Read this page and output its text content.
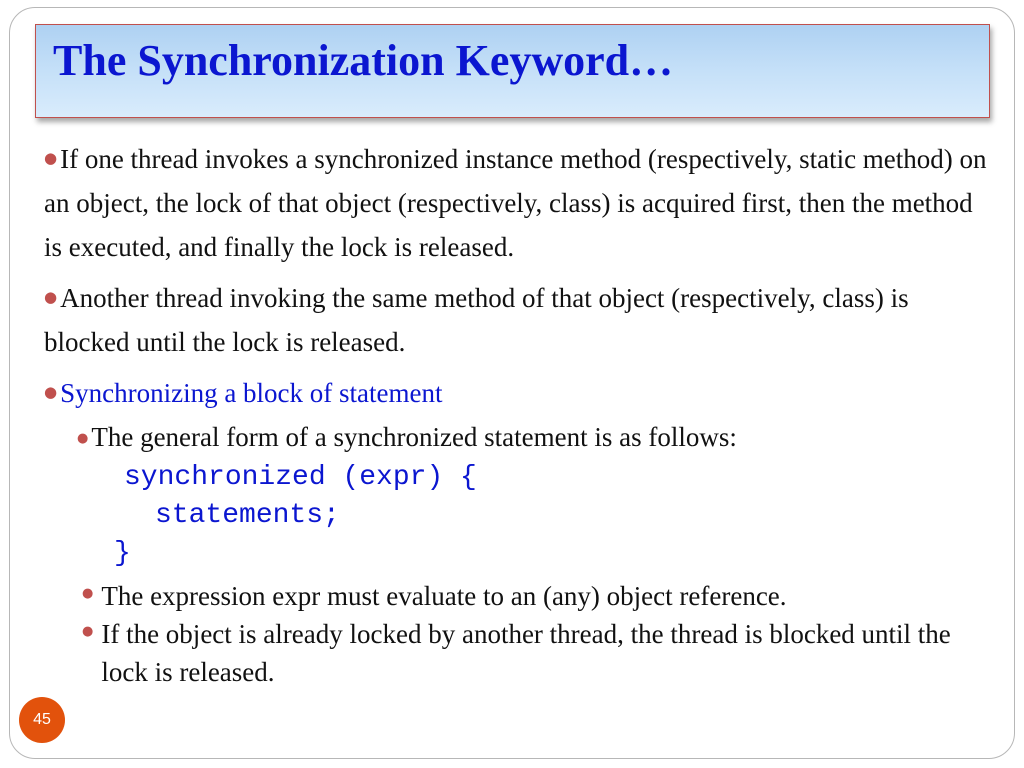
The Synchronization Keyword…

● If one thread invokes a synchronized instance method (respectively, static method) on an object, the lock of that object (respectively, class) is acquired first, then the method is executed, and finally the lock is released.

● Another thread invoking the same method of that object (respectively, class) is blocked until the lock is released.

● Synchronizing a block of statement

● The general form of a synchronized statement is as follows:

synchronized (expr) {
statements;
}
● The expression expr must evaluate to an (any) object reference.
● If the object is already locked by another thread, the thread is blocked until the lock is released.
45
